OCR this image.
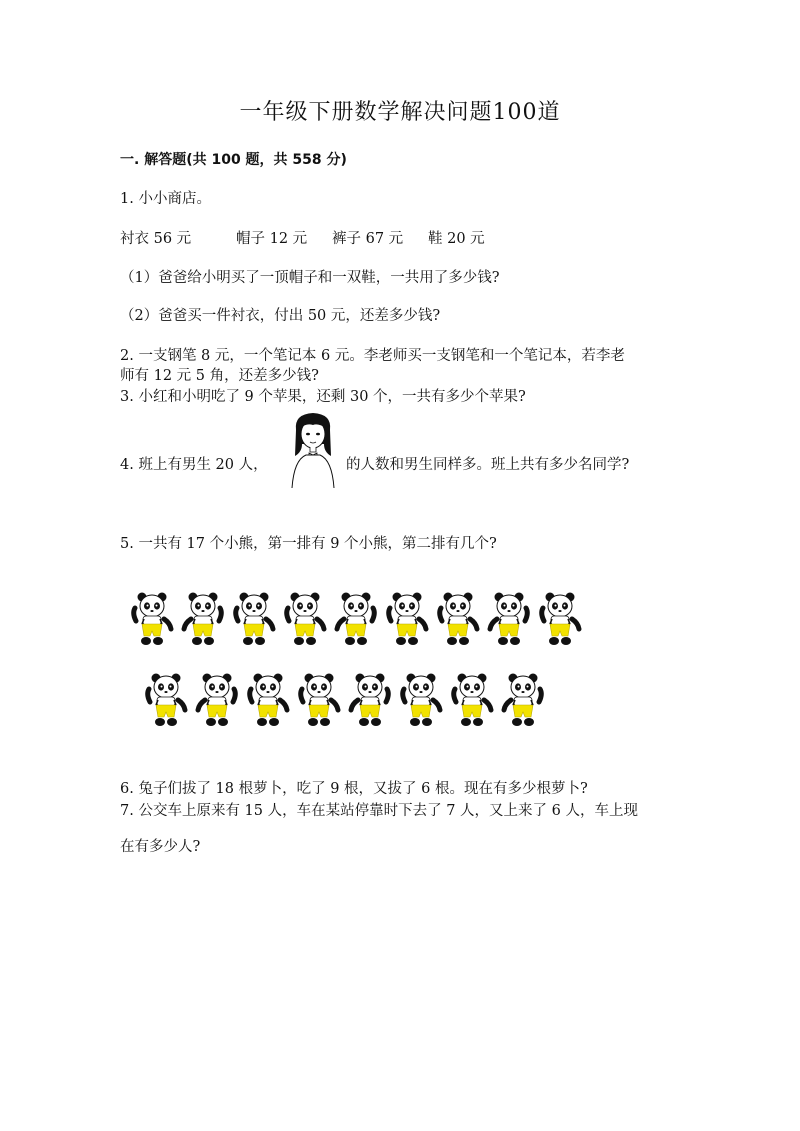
一年级下册数学解决问题100道
一. 解答题(共 100 题，共 558 分)
1. 小小商店。
衬衣 56 元	帽子 12 元 裤子 67 元 鞋 20 元
（1）爸爸给小明买了一顶帽子和一双鞋，一共用了多少钱?
（2）爸爸买一件衬衣，付出 50 元，还差多少钱?
2. 一支钢笔 8 元，一个笔记本 6 元。李老师买一支钢笔和一个笔记本，若李老
师有 12 元 5 角，还差多少钱?
3. 小红和小明吃了 9 个苹果，还剩 30 个，一共有多少个苹果?
4. 班上有男生 20 人，	的人数和男生同样多。班上共有多少名同学?
5. 一共有 17 个小熊，第一排有 9 个小熊，第二排有几个?
6. 兔子们拔了 18 根萝卜，吃了 9 根，又拔了 6 根。现在有多少根萝卜?
7. 公交车上原来有 15 人，车在某站停靠时下去了 7 人，又上来了 6 人，车上现
在有多少人?
